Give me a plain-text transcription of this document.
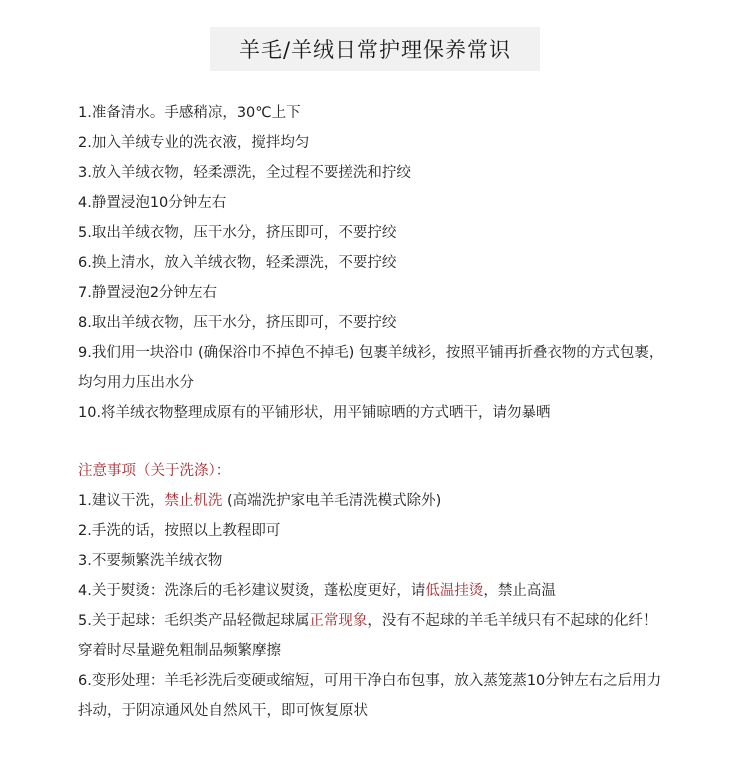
羊毛/羊绒日常护理保养常识
1.准备清水。手感稍凉，30℃上下
2.加入羊绒专业的洗衣液，搅拌均匀
3.放入羊绒衣物，轻柔漂洗，全过程不要搓洗和拧绞
4.静置浸泡10分钟左右
5.取出羊绒衣物，压干水分，挤压即可，不要拧绞
6.换上清水，放入羊绒衣物，轻柔漂洗，不要拧绞
7.静置浸泡2分钟左右
8.取出羊绒衣物，压干水分，挤压即可，不要拧绞
9.我们用一块浴巾 (确保浴巾不掉色不掉毛) 包裹羊绒衫，按照平铺再折叠衣物的方式包裹，
均匀用力压出水分
10.将羊绒衣物整理成原有的平铺形状，用平铺晾晒的方式晒干，请勿暴晒
注意事项（关于洗涤）：
1.建议干洗，禁止机洗 (高端洗护家电羊毛清洗模式除外)
2.手洗的话，按照以上教程即可
3.不要频繁洗羊绒衣物
4.关于熨烫：洗涤后的毛衫建议熨烫，蓬松度更好，请低温挂烫，禁止高温
5.关于起球：毛织类产品轻微起球属正常现象，没有不起球的羊毛羊绒只有不起球的化纤！
穿着时尽量避免粗制品频繁摩擦
6.变形处理：羊毛衫洗后变硬或缩短，可用干净白布包事，放入蒸笼蒸10分钟左右之后用力
抖动，于阴凉通风处自然风干，即可恢复原状
